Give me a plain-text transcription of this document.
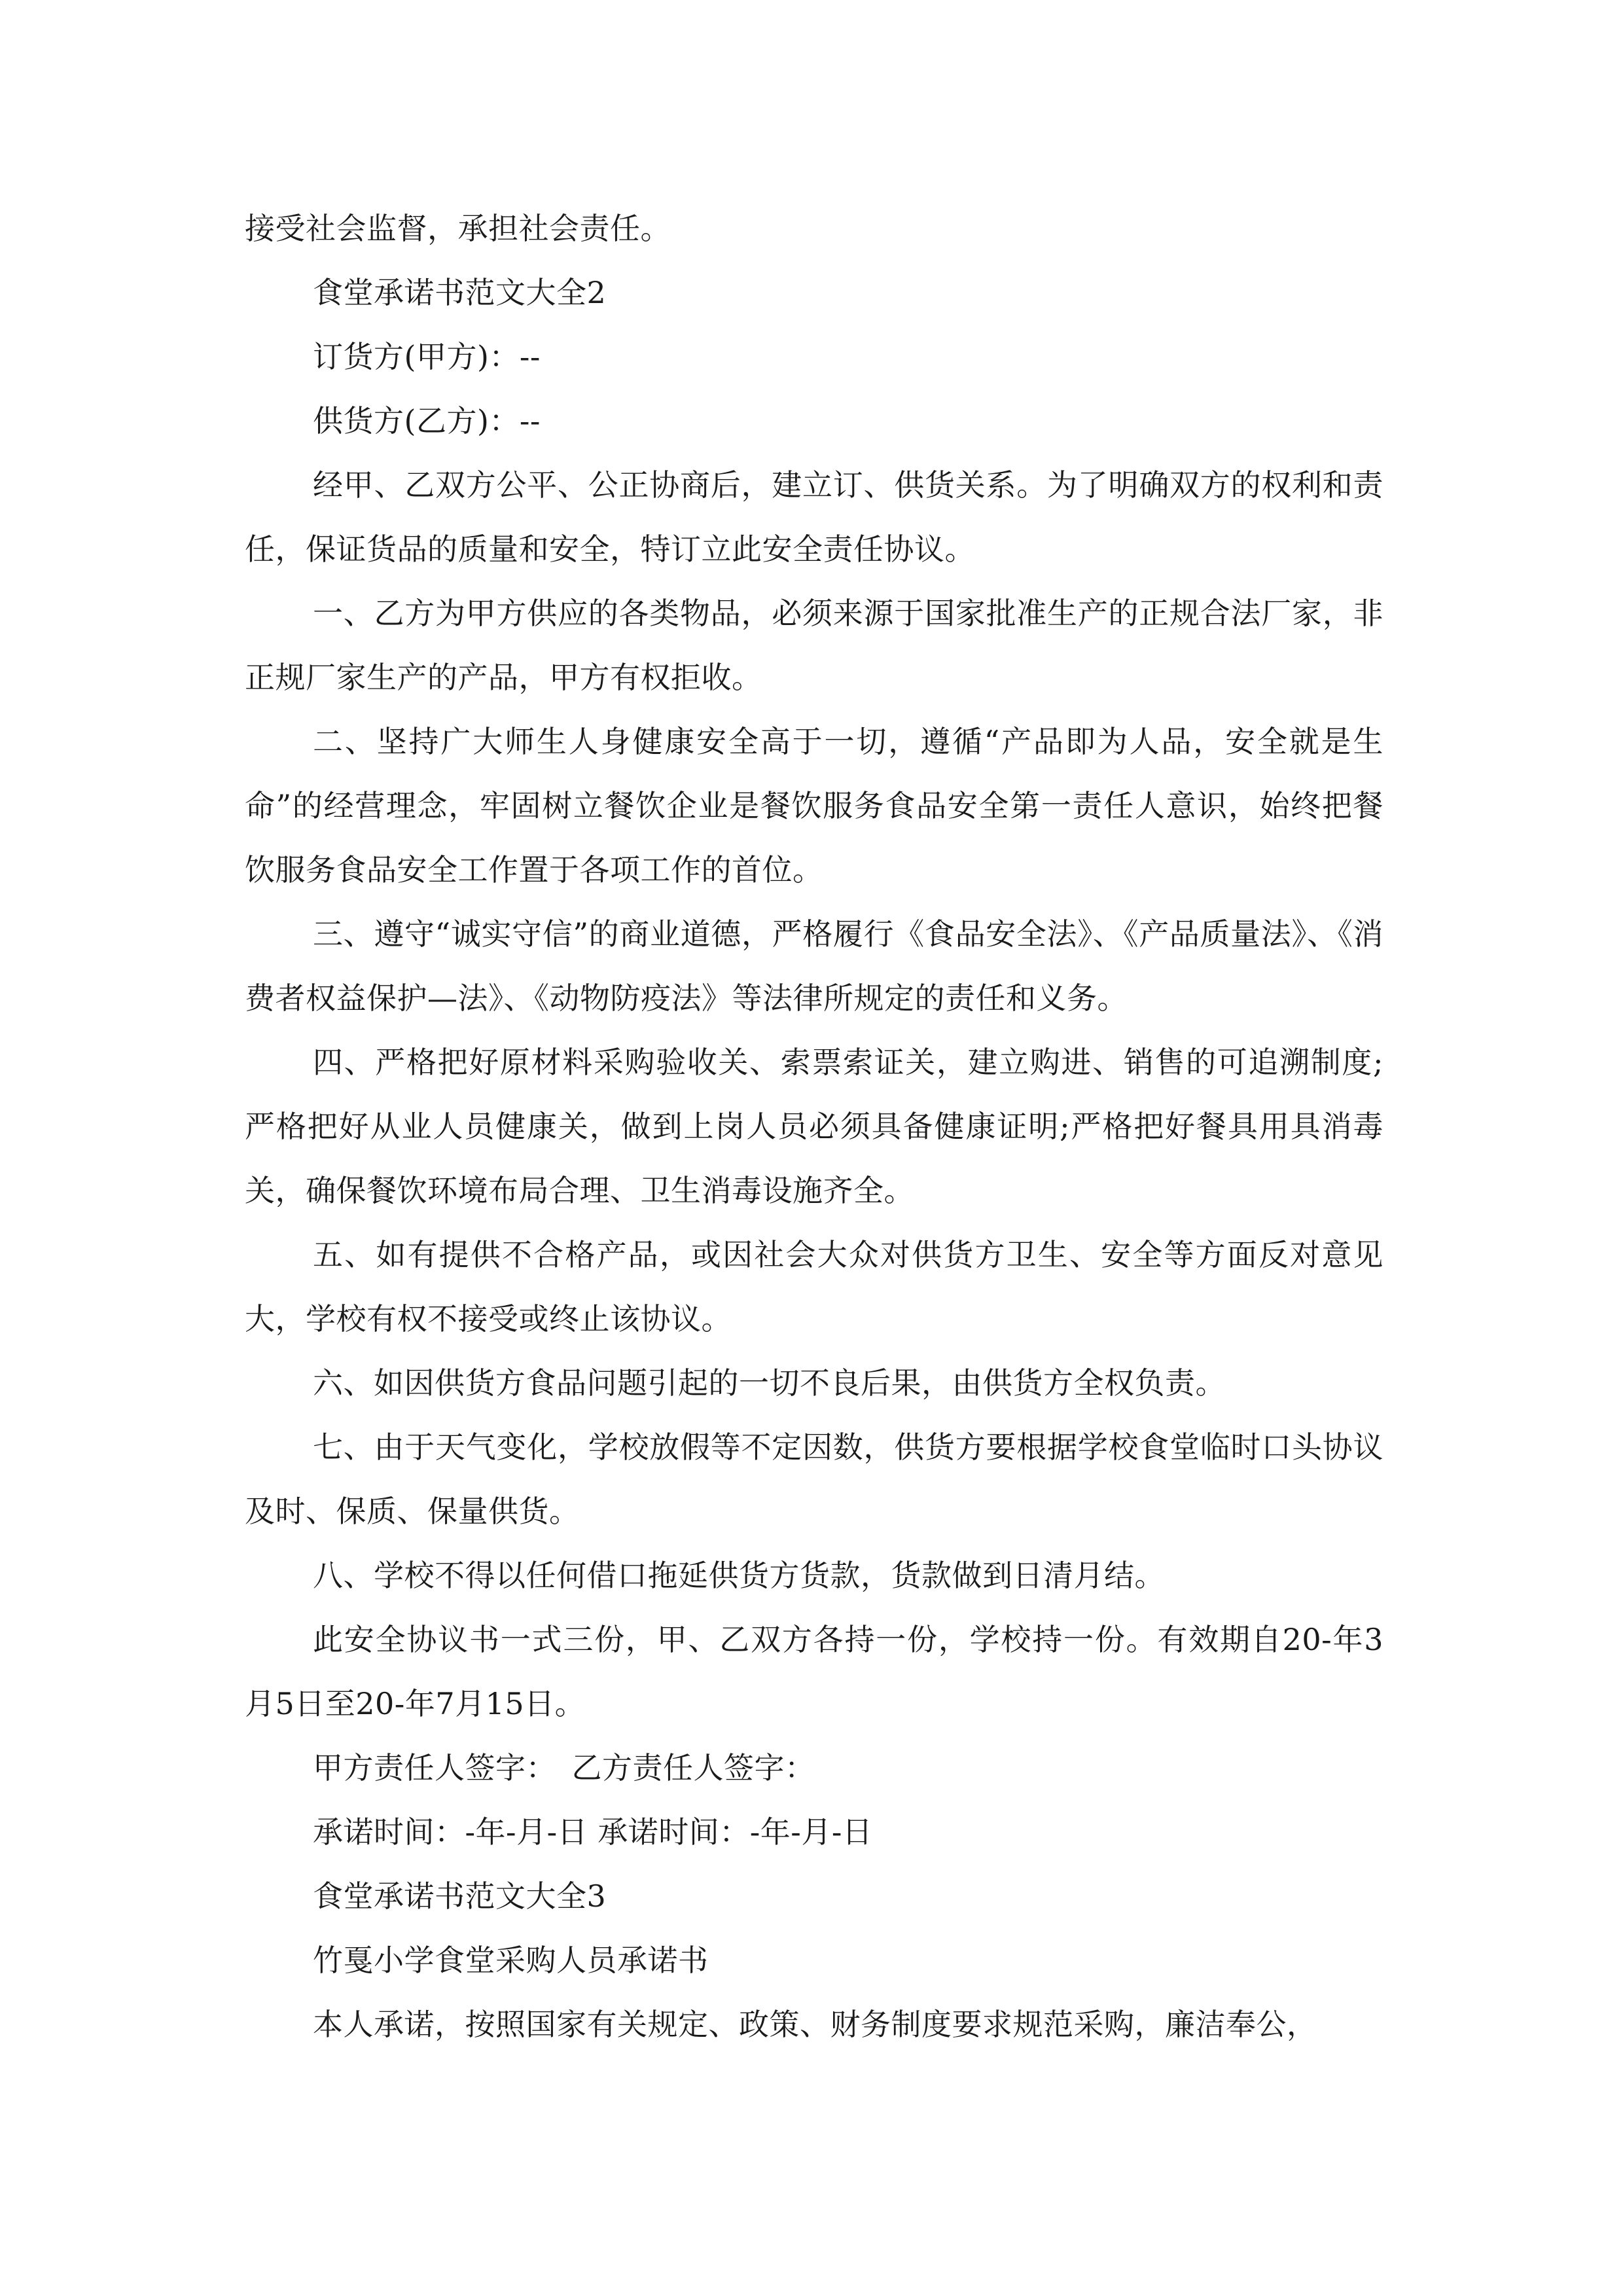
接受社会监督，承担社会责任。
食堂承诺书范文大全2
订货方(甲方)：--
供货方(乙方)：--
经甲、乙双方公平、公正协商后，建立订、供货关系。为了明确双方的权利和责任，保证货品的质量和安全，特订立此安全责任协议。
一、乙方为甲方供应的各类物品，必须来源于国家批准生产的正规合法厂家，非正规厂家生产的产品，甲方有权拒收。
二、坚持广大师生人身健康安全高于一切，遵循“产品即为人品，安全就是生命”的经营理念，牢固树立餐饮企业是餐饮服务食品安全第一责任人意识，始终把餐饮服务食品安全工作置于各项工作的首位。
三、遵守“诚实守信”的商业道德，严格履行《食品安全法》、《产品质量法》、《消费者权益保护—法》、《动物防疫法》等法律所规定的责任和义务。
四、严格把好原材料采购验收关、索票索证关，建立购进、销售的可追溯制度;严格把好从业人员健康关，做到上岗人员必须具备健康证明;严格把好餐具用具消毒关，确保餐饮环境布局合理、卫生消毒设施齐全。
五、如有提供不合格产品，或因社会大众对供货方卫生、安全等方面反对意见大，学校有权不接受或终止该协议。
六、如因供货方食品问题引起的一切不良后果，由供货方全权负责。
七、由于天气变化，学校放假等不定因数，供货方要根据学校食堂临时口头协议及时、保质、保量供货。
八、学校不得以任何借口拖延供货方货款，货款做到日清月结。
此安全协议书一式三份，甲、乙双方各持一份，学校持一份。有效期自20-年3月5日至20-年7月15日。
甲方责任人签字：　乙方责任人签字：
承诺时间：-年-月-日 承诺时间：-年-月-日
食堂承诺书范文大全3
竹戛小学食堂采购人员承诺书
本人承诺，按照国家有关规定、政策、财务制度要求规范采购，廉洁奉公，
